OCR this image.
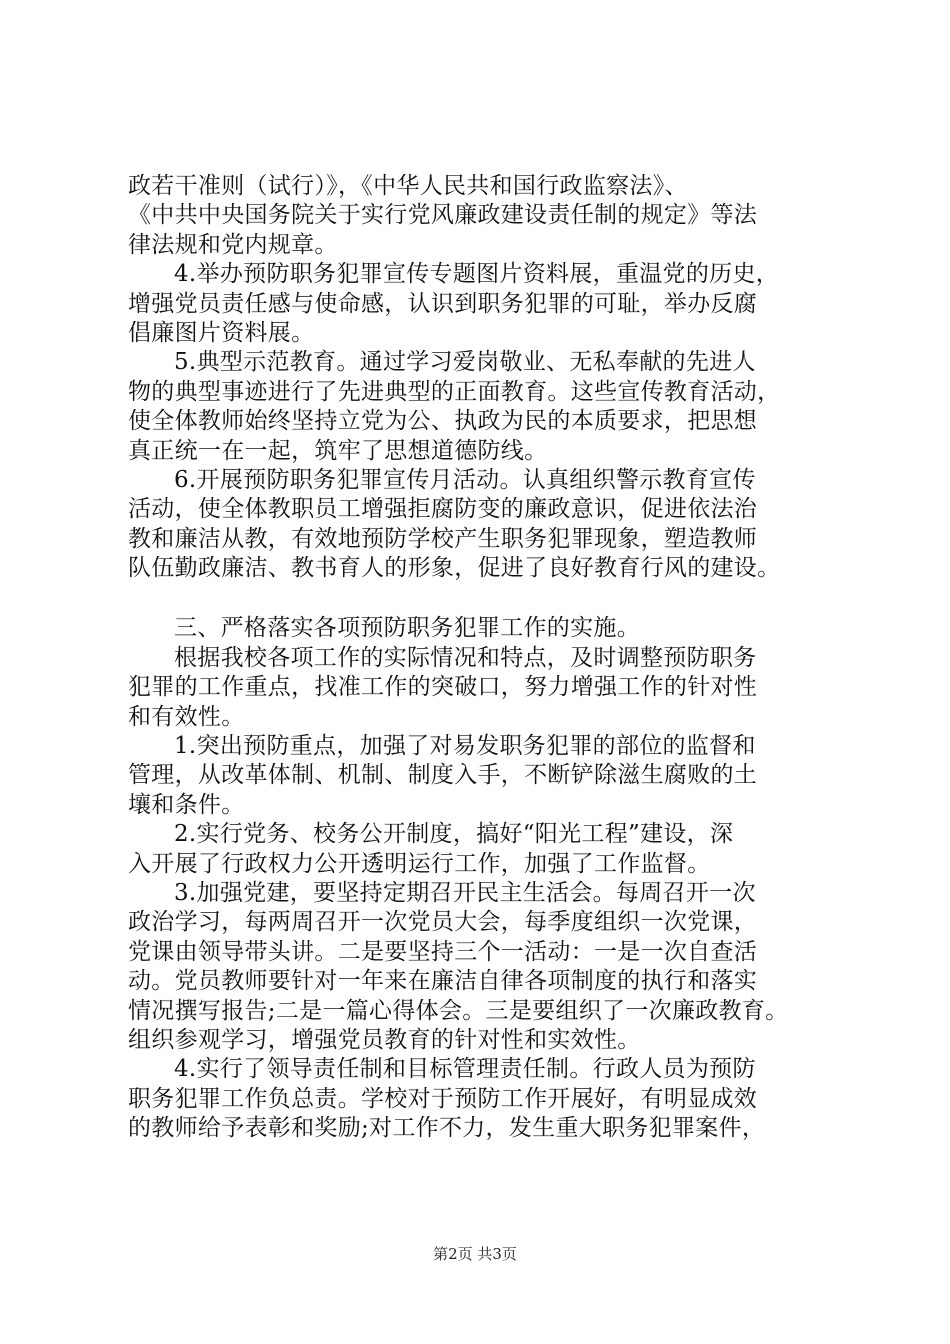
政若干准则（试行）》，《中华人民共和国行政监察法》、
《中共中央国务院关于实行党风廉政建设责任制的规定》等法
律法规和党内规章。
4.举办预防职务犯罪宣传专题图片资料展，重温党的历史，
增强党员责任感与使命感，认识到职务犯罪的可耻，举办反腐
倡廉图片资料展。
5.典型示范教育。通过学习爱岗敬业、无私奉献的先进人
物的典型事迹进行了先进典型的正面教育。这些宣传教育活动，
使全体教师始终坚持立党为公、执政为民的本质要求，把思想
真正统一在一起，筑牢了思想道德防线。
6.开展预防职务犯罪宣传月活动。认真组织警示教育宣传
活动，使全体教职员工增强拒腐防变的廉政意识，促进依法治
教和廉洁从教，有效地预防学校产生职务犯罪现象，塑造教师
队伍勤政廉洁、教书育人的形象，促进了良好教育行风的建设。
三、严格落实各项预防职务犯罪工作的实施。
根据我校各项工作的实际情况和特点，及时调整预防职务
犯罪的工作重点，找准工作的突破口，努力增强工作的针对性
和有效性。
1.突出预防重点，加强了对易发职务犯罪的部位的监督和
管理，从改革体制、机制、制度入手，不断铲除滋生腐败的土
壤和条件。
2.实行党务、校务公开制度，搞好“阳光工程”建设，深
入开展了行政权力公开透明运行工作，加强了工作监督。
3.加强党建，要坚持定期召开民主生活会。每周召开一次
政治学习，每两周召开一次党员大会，每季度组织一次党课，
党课由领导带头讲。二是要坚持三个一活动：一是一次自查活
动。党员教师要针对一年来在廉洁自律各项制度的执行和落实
情况撰写报告;二是一篇心得体会。三是要组织了一次廉政教育。
组织参观学习，增强党员教育的针对性和实效性。
4.实行了领导责任制和目标管理责任制。行政人员为预防
职务犯罪工作负总责。学校对于预防工作开展好，有明显成效
的教师给予表彰和奖励;对工作不力，发生重大职务犯罪案件，
第2页 共3页
